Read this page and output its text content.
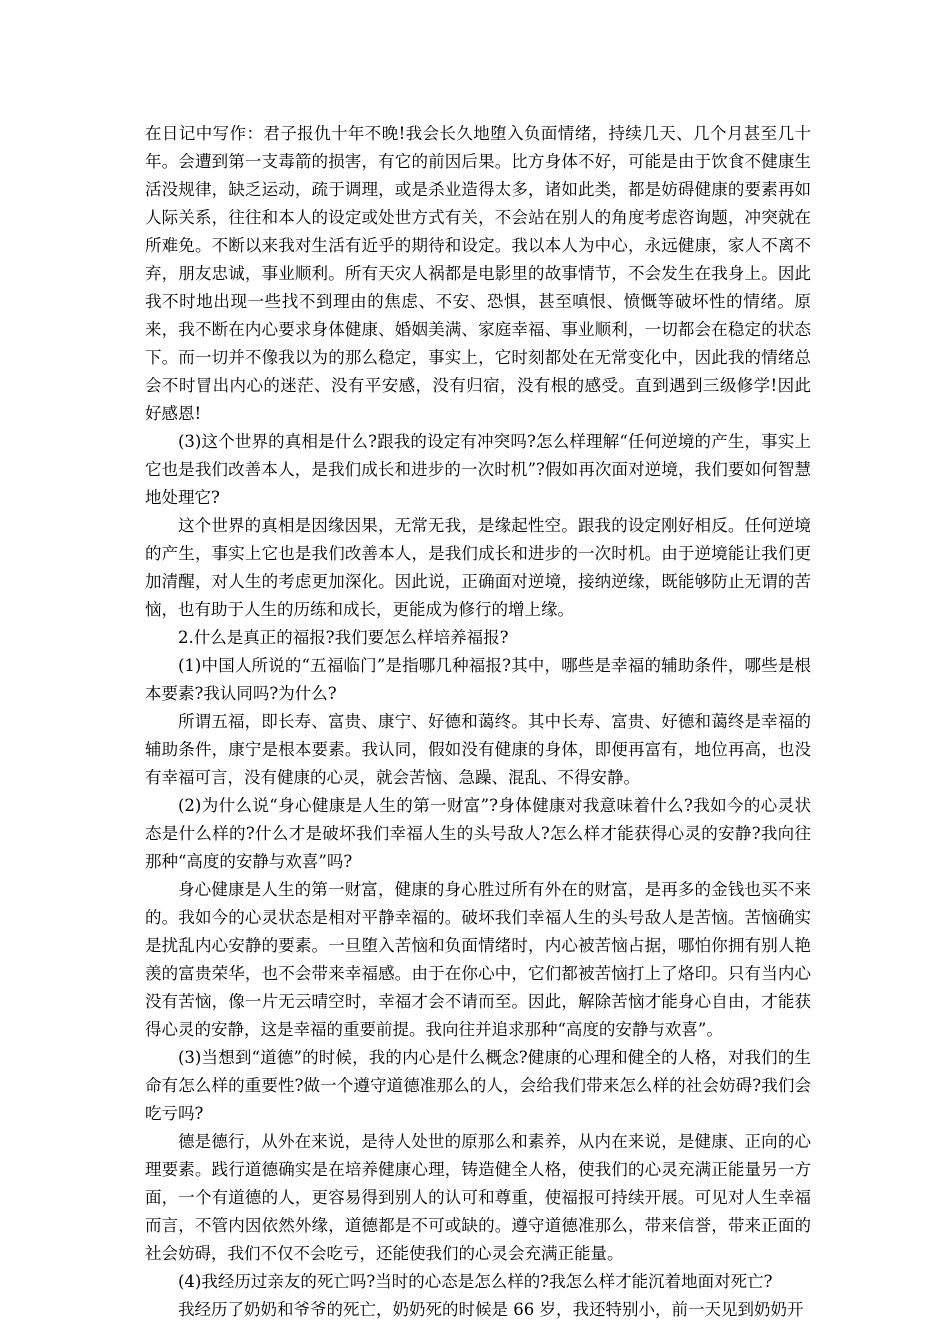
在日记中写作：君子报仇十年不晚!我会长久地堕入负面情绪，持续几天、几个月甚至几十年。会遭到第一支毒箭的损害，有它的前因后果。比方身体不好，可能是由于饮食不健康生活没规律，缺乏运动，疏于调理，或是杀业造得太多，诸如此类，都是妨碍健康的要素再如人际关系，往往和本人的设定或处世方式有关，不会站在别人的角度考虑咨询题，冲突就在所难免。不断以来我对生活有近乎的期待和设定。我以本人为中心，永远健康，家人不离不弃，朋友忠诚，事业顺利。所有天灾人祸都是电影里的故事情节，不会发生在我身上。因此我不时地出现一些找不到理由的焦虑、不安、恐惧，甚至嗔恨、愤慨等破坏性的情绪。原来，我不断在内心要求身体健康、婚姻美满、家庭幸福、事业顺利，一切都会在稳定的状态下。而一切并不像我以为的那么稳定，事实上，它时刻都处在无常变化中，因此我的情绪总会不时冒出内心的迷茫、没有平安感，没有归宿，没有根的感受。直到遇到三级修学!因此好感恩!

(3)这个世界的真相是什么?跟我的设定有冲突吗?怎么样理解“任何逆境的产生，事实上它也是我们改善本人，是我们成长和进步的一次时机”?假如再次面对逆境，我们要如何智慧地处理它?

这个世界的真相是因缘因果，无常无我，是缘起性空。跟我的设定刚好相反。任何逆境的产生，事实上它也是我们改善本人，是我们成长和进步的一次时机。由于逆境能让我们更加清醒，对人生的考虑更加深化。因此说，正确面对逆境，接纳逆缘，既能够防止无谓的苦恼，也有助于人生的历练和成长，更能成为修行的增上缘。

2.什么是真正的福报?我们要怎么样培养福报?

(1)中国人所说的“五福临门”是指哪几种福报?其中，哪些是幸福的辅助条件，哪些是根本要素?我认同吗?为什么?

所谓五福，即长寿、富贵、康宁、好德和蔼终。其中长寿、富贵、好德和蔼终是幸福的辅助条件，康宁是根本要素。我认同，假如没有健康的身体，即便再富有，地位再高，也没有幸福可言，没有健康的心灵，就会苦恼、急躁、混乱、不得安静。

(2)为什么说“身心健康是人生的第一财富”?身体健康对我意味着什么?我如今的心灵状态是什么样的?什么才是破坏我们幸福人生的头号敌人?怎么样才能获得心灵的安静?我向往那种“高度的安静与欢喜”吗?

身心健康是人生的第一财富，健康的身心胜过所有外在的财富，是再多的金钱也买不来的。我如今的心灵状态是相对平静幸福的。破坏我们幸福人生的头号敌人是苦恼。苦恼确实是扰乱内心安静的要素。一旦堕入苦恼和负面情绪时，内心被苦恼占据，哪怕你拥有别人艳羡的富贵荣华，也不会带来幸福感。由于在你心中，它们都被苦恼打上了烙印。只有当内心没有苦恼，像一片无云晴空时，幸福才会不请而至。因此，解除苦恼才能身心自由，才能获得心灵的安静，这是幸福的重要前提。我向往并追求那种“高度的安静与欢喜”。

(3)当想到“道德”的时候，我的内心是什么概念?健康的心理和健全的人格，对我们的生命有怎么样的重要性?做一个遵守道德准那么的人，会给我们带来怎么样的社会妨碍?我们会吃亏吗?

德是德行，从外在来说，是待人处世的原那么和素养，从内在来说，是健康、正向的心理要素。践行道德确实是在培养健康心理，铸造健全人格，使我们的心灵充满正能量另一方面，一个有道德的人，更容易得到别人的认可和尊重，使福报可持续开展。可见对人生幸福而言，不管内因依然外缘，道德都是不可或缺的。遵守道德准那么，带来信誉，带来正面的社会妨碍，我们不仅不会吃亏，还能使我们的心灵会充满正能量。

(4)我经历过亲友的死亡吗?当时的心态是怎么样的?我怎么样才能沉着地面对死亡?

我经历了奶奶和爷爷的死亡，奶奶死的时候是 66 岁，我还特别小，前一天见到奶奶开
